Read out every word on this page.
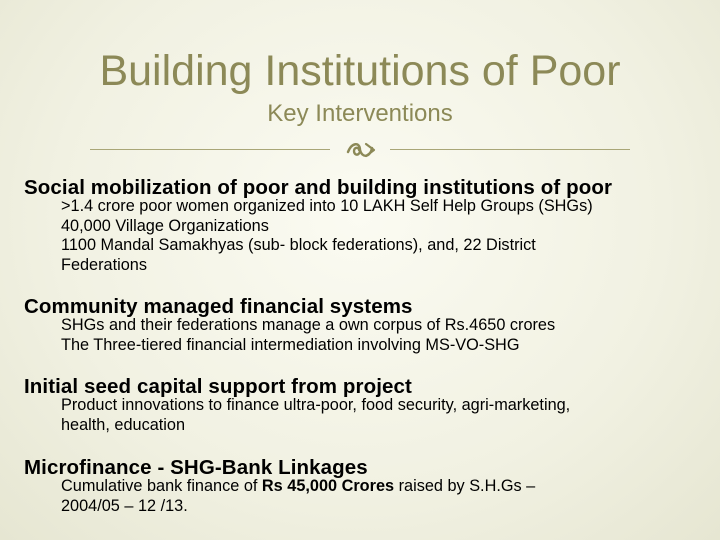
Building Institutions of Poor
Key Interventions
Social mobilization of poor and building institutions of poor
>1.4 crore poor women organized into 10 LAKH Self Help Groups (SHGs)
40,000 Village Organizations
1100 Mandal Samakhyas (sub- block federations), and, 22 District
Federations
Community managed financial systems
SHGs and their federations manage a own corpus of Rs.4650 crores
The Three-tiered financial intermediation involving MS-VO-SHG
Initial seed capital support from project
Product innovations to finance ultra-poor, food security, agri-marketing,
health, education
Microfinance - SHG-Bank Linkages
Cumulative bank finance of Rs 45,000 Crores raised by S.H.Gs –
2004/05 – 12 /13.
